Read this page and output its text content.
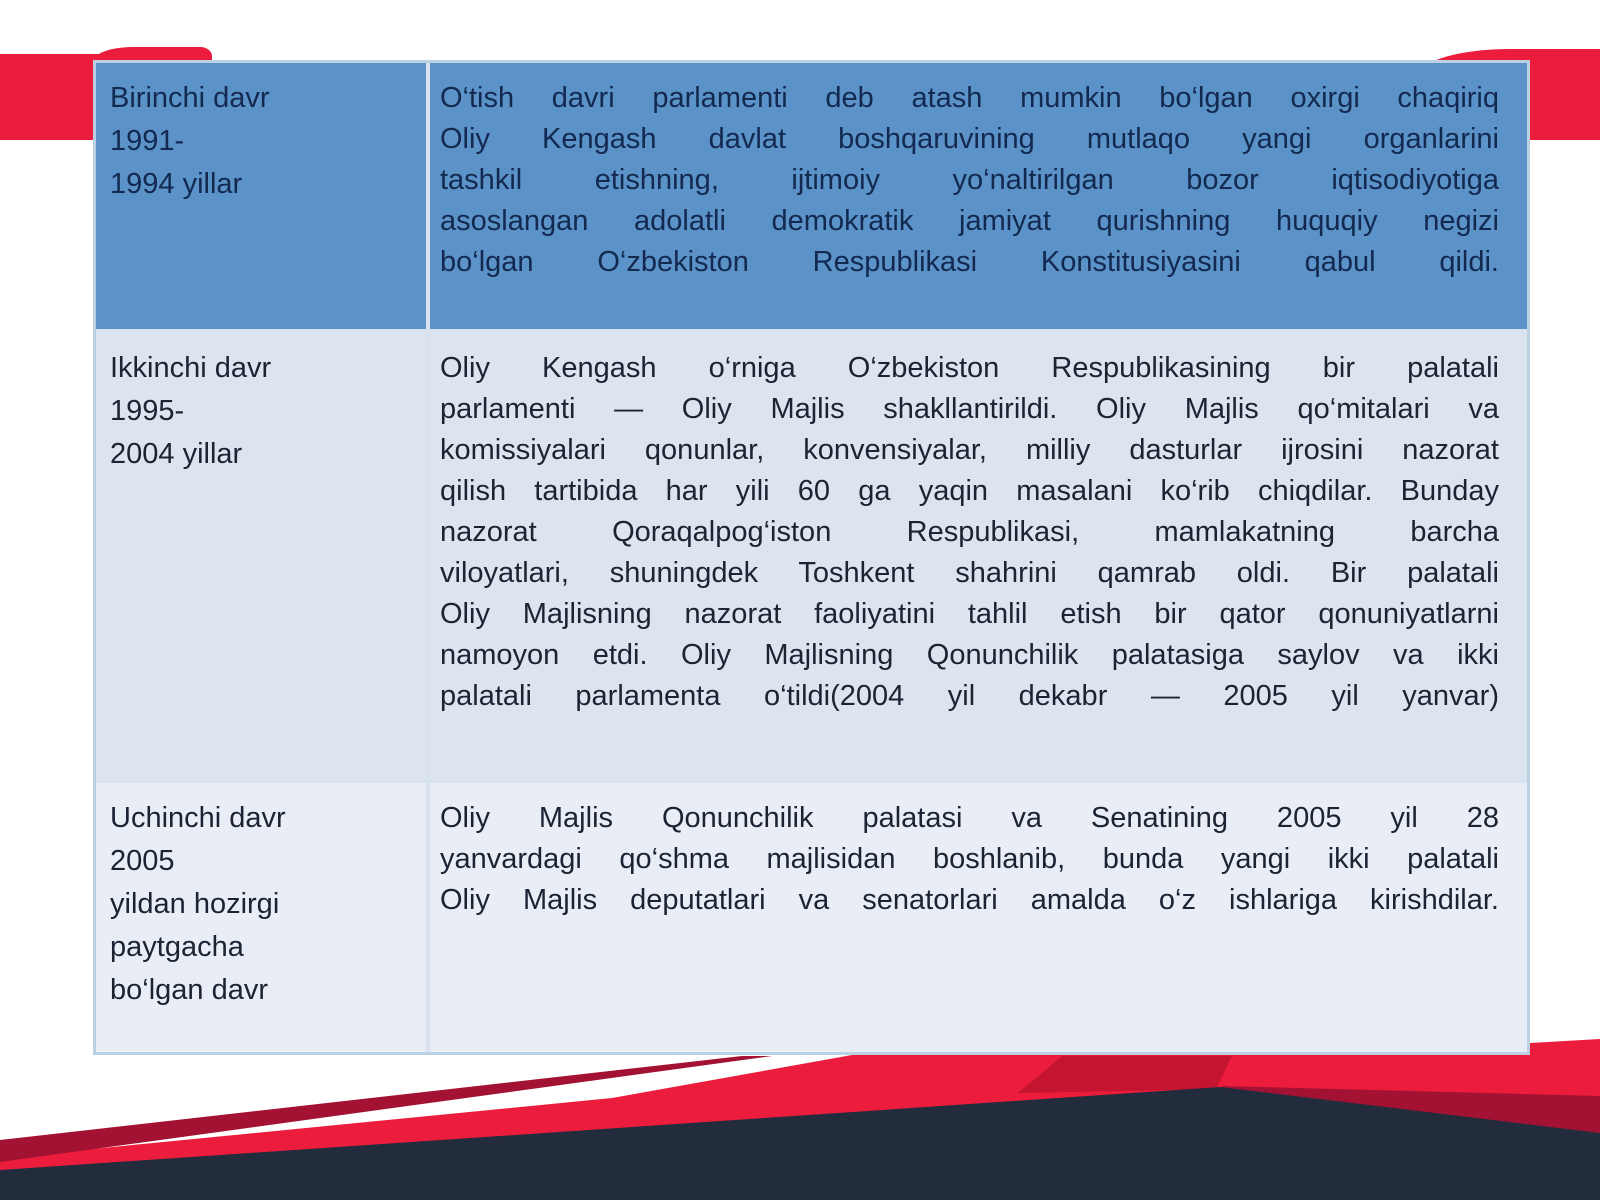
Birinchi davr
1991-
1994 yillar
O‘tish davri parlamenti deb atash mumkin bo‘lgan oxirgi chaqiriq
Oliy Kengash davlat boshqaruvining mutlaqo yangi organlarini
tashkil etishning, ijtimoiy yo‘naltirilgan bozor iqtisodiyotiga
asoslangan adolatli demokratik jamiyat qurishning huquqiy negizi
bo‘lgan O‘zbekiston Respublikasi Konstitusiyasini qabul qildi.
Ikkinchi davr
1995-
2004 yillar
Oliy Kengash o‘rniga O‘zbekiston Respublikasining bir palatali
parlamenti — Oliy Majlis shakllantirildi. Oliy Majlis qo‘mitalari va
komissiyalari qonunlar, konvensiyalar, milliy dasturlar ijrosini nazorat
qilish tartibida har yili 60 ga yaqin masalani ko‘rib chiqdilar. Bunday
nazorat Qoraqalpog‘iston Respublikasi, mamlakatning barcha
viloyatlari, shuningdek Toshkent shahrini qamrab oldi. Bir palatali
Oliy Majlisning nazorat faoliyatini tahlil etish bir qator qonuniyatlarni
namoyon etdi. Oliy Majlisning Qonunchilik palatasiga saylov va ikki
palatali parlamenta o‘tildi(2004 yil dekabr — 2005 yil yanvar)
Uchinchi davr
2005
yildan hozirgi
paytgacha
bo‘lgan davr
Oliy Majlis Qonunchilik palatasi va Senatining 2005 yil 28
yanvardagi qo‘shma majlisidan boshlanib, bunda yangi ikki palatali
Oliy Majlis deputatlari va senatorlari amalda o‘z ishlariga kirishdilar.
